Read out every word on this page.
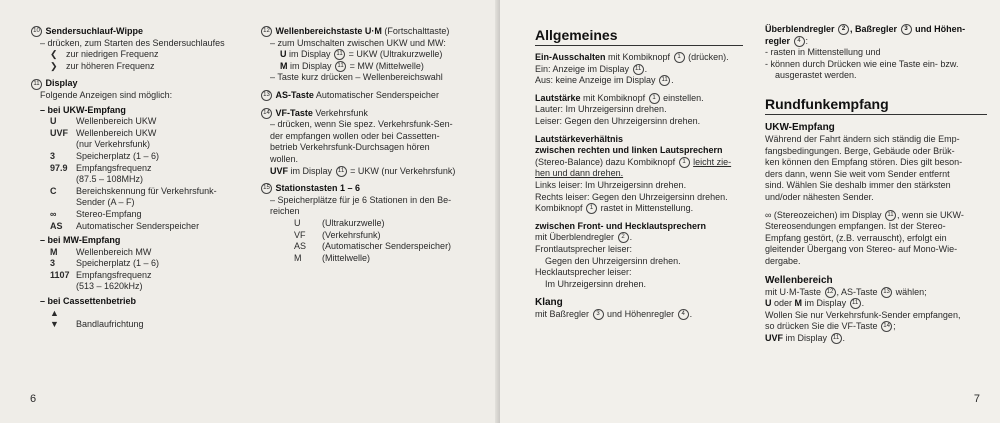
10 Sendersuchlauf-Wippe
– drücken, zum Starten des Sendersuchlaufes
❮ zur niedrigen Frequenz
❯ zur höheren Frequenz
11 Display
Folgende Anzeigen sind möglich:
– bei UKW-Empfang
U	Wellenbereich UKW
UVF Wellenbereich UKW
(nur Verkehrsfunk)
3	Speicherplatz (1 – 6)
97.9 Empfangsfrequenz
(87.5 – 108MHz)
C	Bereichskennung für Verkehrsfunk-
Sender (A – F)
∞	Stereo-Empfang
AS	Automatischer Senderspeicher
– bei MW-Empfang
M	Wellenbereich MW
3	Speicherplatz (1 – 6)
1107 Empfangsfrequenz
(513 – 1620kHz)
– bei Cassettenbetrieb
▲
▼	Bandlaufrichtung
12 Wellenbereichstaste U·M (Fortschalttaste)
– zum Umschalten zwischen UKW und MW:
U im Display 11 = UKW (Ultrakurzwelle)
M im Display 11 = MW (Mittelwelle)
– Taste kurz drücken – Wellenbereichswahl
13 AS-Taste Automatischer Senderspeicher
14 VF-Taste Verkehrsfunk
– drücken, wenn Sie spez. Verkehrsfunk-Sen-
der empfangen wollen oder bei Cassetten-
betrieb Verkehrsfunk-Durchsagen hören
wollen.
UVF im Display 11 = UKW (nur Verkehrsfunk)
15 Stationstasten 1 – 6
– Speicherplätze für je 6 Stationen in den Be-
reichen
U	(Ultrakurzwelle)
VF	(Verkehrsfunk)
AS	(Automatischer Senderspeicher)
M	(Mittelwelle)
6
Allgemeines
Ein-Ausschalten mit Kombiknopf 1 (drücken).
Ein: Anzeige im Display 11 .
Aus: keine Anzeige im Display 11 .
Lautstärke mit Kombiknopf 1 einstellen.
Lauter: Im Uhrzeigersinn drehen.
Leiser: Gegen den Uhrzeigersinn drehen.
Lautstärkeverhältnis
zwischen rechten und linken Lautsprechern
(Stereo-Balance) dazu Kombiknopf 1 leicht zie-
hen und dann drehen.
Links leiser: Im Uhrzeigersinn drehen.
Rechts leiser: Gegen den Uhrzeigersinn drehen.
Kombiknopf 1 rastet in Mittenstellung.
zwischen Front- und Hecklautsprechern
mit Überblendregler 2 .
Frontlautsprecher leiser:
Gegen den Uhrzeigersinn drehen.
Hecklautsprecher leiser:
Im Uhrzeigersinn drehen.
Klang
mit Baßregler 3 und Höhenregler 4 .
Überblendregler 2 , Baßregler 3 und Höhen-
regler 4 :
- rasten in Mittenstellung und
- können durch Drücken wie eine Taste ein- bzw.
ausgerastet werden.
Rundfunkempfang
UKW-Empfang
Während der Fahrt ändern sich ständig die Emp-
fangsbedingungen. Berge, Gebäude oder Brük-
ken können den Empfang stören. Dies gilt beson-
ders dann, wenn Sie weit vom Sender entfernt
sind. Wählen Sie deshalb immer den stärksten
und/oder nähesten Sender.
∞ (Stereozeichen) im Display 11 , wenn sie UKW-
Stereosendungen empfangen. Ist der Stereo-
Empfang gestört, (z.B. verrauscht), erfolgt ein
gleitender Übergang von Stereo- auf Mono-Wie-
dergabe.
Wellenbereich
mit U·M-Taste 12 , AS-Taste 13 wählen;
U oder M im Display 11 .
Wollen Sie nur Verkehrsfunk-Sender empfangen,
so drücken Sie die VF-Taste 14 ;
UVF im Display 11 .
7
